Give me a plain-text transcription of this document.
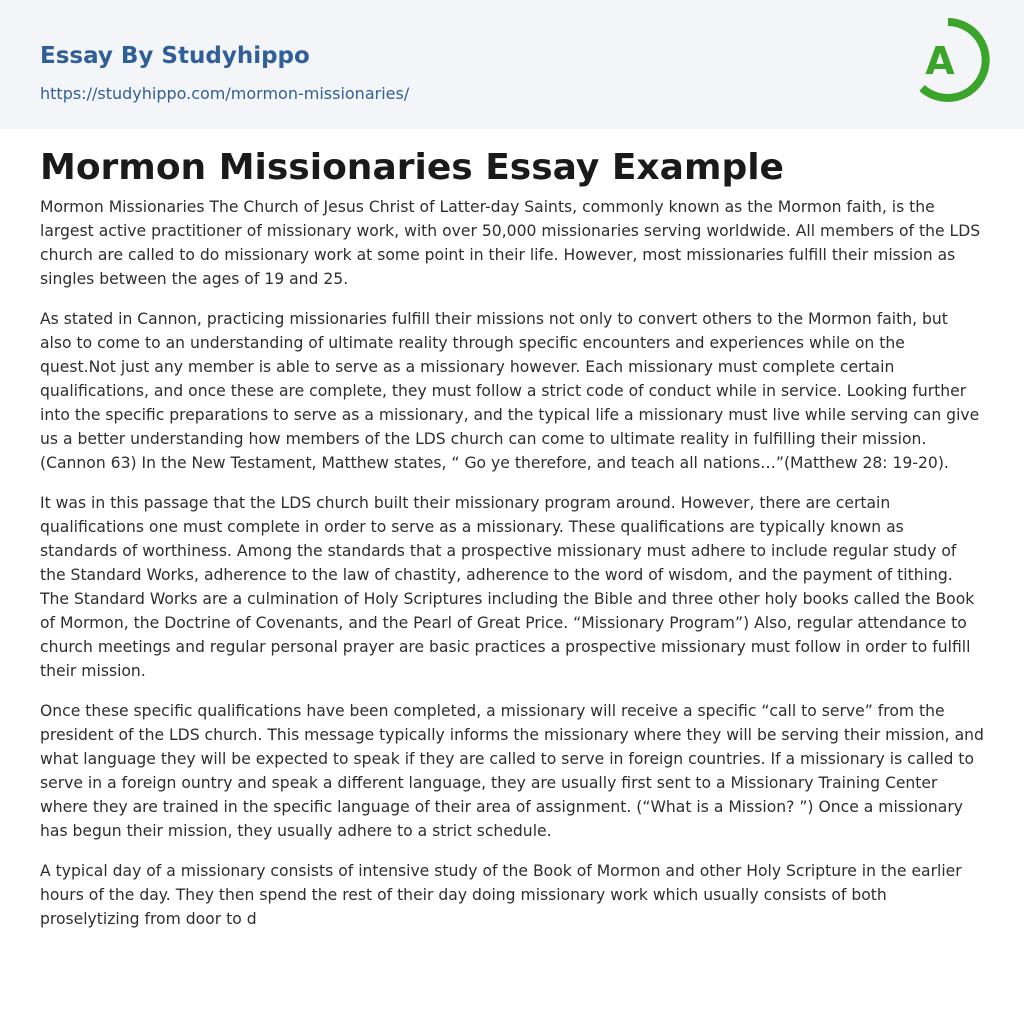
Essay By Studyhippo
https://studyhippo.com/mormon-missionaries/
A
Mormon Missionaries Essay Example

Mormon Missionaries The Church of Jesus Christ of Latter-day Saints, commonly known as the Mormon faith, is the largest active practitioner of missionary work, with over 50,000 missionaries serving worldwide. All members of the LDS church are called to do missionary work at some point in their life. However, most missionaries fulfill their mission as singles between the ages of 19 and 25.

As stated in Cannon, practicing missionaries fulfill their missions not only to convert others to the Mormon faith, but also to come to an understanding of ultimate reality through specific encounters and experiences while on the quest.Not just any member is able to serve as a missionary however. Each missionary must complete certain qualifications, and once these are complete, they must follow a strict code of conduct while in service. Looking further into the specific preparations to serve as a missionary, and the typical life a missionary must live while serving can give us a better understanding how members of the LDS church can come to ultimate reality in fulfilling their mission. (Cannon 63) In the New Testament, Matthew states, “ Go ye therefore, and teach all nations…”(Matthew 28: 19-20).

It was in this passage that the LDS church built their missionary program around. However, there are certain qualifications one must complete in order to serve as a missionary. These qualifications are typically known as standards of worthiness. Among the standards that a prospective missionary must adhere to include regular study of the Standard Works, adherence to the law of chastity, adherence to the word of wisdom, and the payment of tithing. The Standard Works are a culmination of Holy Scriptures including the Bible and three other holy books called the Book of Mormon, the Doctrine of Covenants, and the Pearl of Great Price. “Missionary Program”) Also, regular attendance to church meetings and regular personal prayer are basic practices a prospective missionary must follow in order to fulfill their mission.

Once these specific qualifications have been completed, a missionary will receive a specific “call to serve” from the president of the LDS church. This message typically informs the missionary where they will be serving their mission, and what language they will be expected to speak if they are called to serve in foreign countries. If a missionary is called to serve in a foreign ountry and speak a different language, they are usually first sent to a Missionary Training Center where they are trained in the specific language of their area of assignment. (“What is a Mission? ”) Once a missionary has begun their mission, they usually adhere to a strict schedule.

A typical day of a missionary consists of intensive study of the Book of Mormon and other Holy Scripture in the earlier hours of the day. They then spend the rest of their day doing missionary work which usually consists of both proselytizing from door to d
